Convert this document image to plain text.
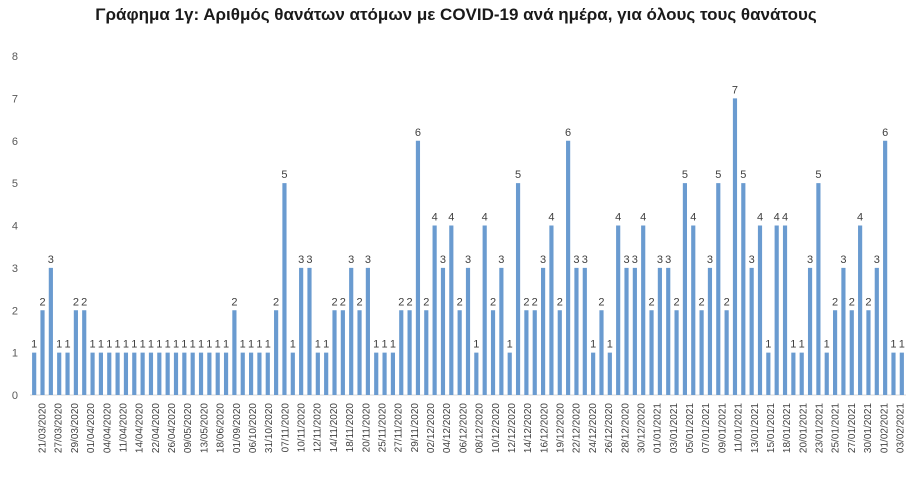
Γράφημα 1γ: Αριθμός θανάτων ατόμων με COVID-19 ανά ημέρα, για όλους τους θανάτους
0
1
2
3
4
5
6
7
8
1
2
3
1 1
2 2
1 1 1 1 1 1 1 1 1 1 1 1 1 1 1 1 1
2
1 1 1 1
2
5
1
3 3
1 1
2 2
3
2
3
1 1 1
2 2
6
2
4
3
4
2
3
1
4
2
3
1
5
2 2
3
4
2
6
3 3
1
2
1
4
3 3
4
2
3 3
2
5
4
2
3
5
2
7
5
3
4
1
4 4
1 1
3
5
1
2
3
2
4
2
3
6
1 1
21/03/2020 27/03/2020 29/03/2020 01/04/2020 04/04/2020 11/04/2020 14/04/2020 22/04/2020 26/04/2020 09/05/2020 13/05/2020 18/06/2020 01/09/2020 06/10/2020 31/10/2020 07/11/2020 10/11/2020 12/11/2020 14/11/2020 18/11/2020 20/11/2020 25/11/2020 27/11/2020 29/11/2020 02/12/2020 04/12/2020 06/12/2020 08/12/2020 10/12/2020 12/12/2020 14/12/2020 16/12/2020 19/12/2020 22/12/2020 24/12/2020 26/12/2020 28/12/2020 30/12/2020 01/01/2021 03/01/2021 05/01/2021 07/01/2021 09/01/2021 11/01/2021 13/01/2021 15/01/2021 18/01/2021 20/01/2021 23/01/2021 25/01/2021 27/01/2021 30/01/2021 01/02/2021 03/02/2021
